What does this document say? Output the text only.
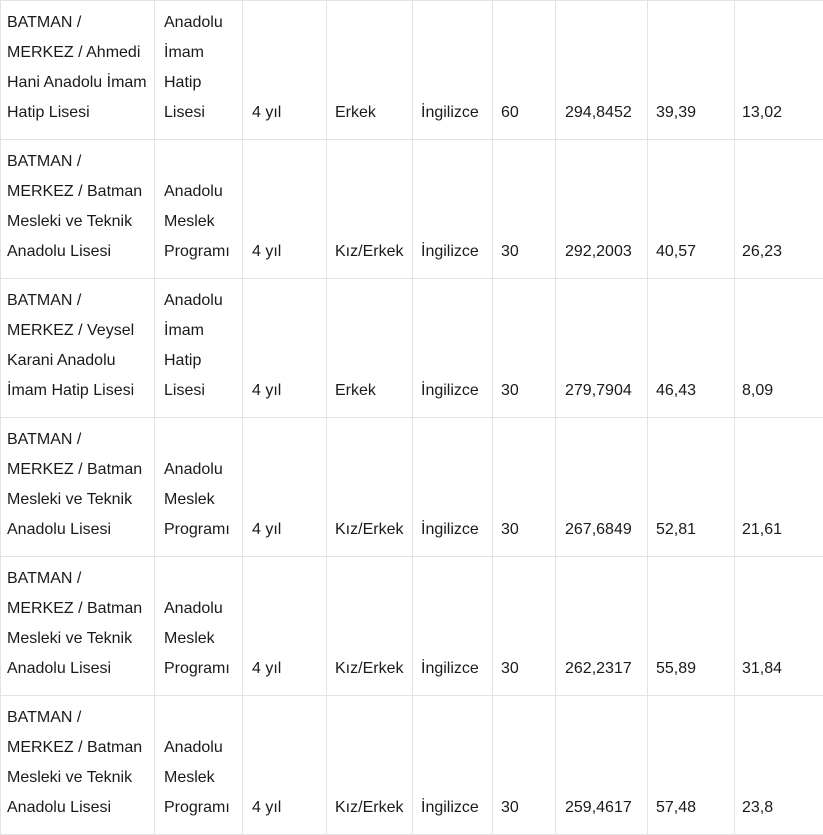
BATMAN / MERKEZ / Ahmedi Hani Anadolu İmam Hatip Lisesi	Anadolu İmam Hatip Lisesi	4 yıl	Erkek	İngilizce	60	294,8452	39,39	13,02
BATMAN / MERKEZ / Batman Mesleki ve Teknik Anadolu Lisesi	Anadolu Meslek Programı	4 yıl	Kız/Erkek	İngilizce	30	292,2003	40,57	26,23
BATMAN / MERKEZ / Veysel Karani Anadolu İmam Hatip Lisesi	Anadolu İmam Hatip Lisesi	4 yıl	Erkek	İngilizce	30	279,7904	46,43	8,09
BATMAN / MERKEZ / Batman Mesleki ve Teknik Anadolu Lisesi	Anadolu Meslek Programı	4 yıl	Kız/Erkek	İngilizce	30	267,6849	52,81	21,61
BATMAN / MERKEZ / Batman Mesleki ve Teknik Anadolu Lisesi	Anadolu Meslek Programı	4 yıl	Kız/Erkek	İngilizce	30	262,2317	55,89	31,84
BATMAN / MERKEZ / Batman Mesleki ve Teknik Anadolu Lisesi	Anadolu Meslek Programı	4 yıl	Kız/Erkek	İngilizce	30	259,4617	57,48	23,8
